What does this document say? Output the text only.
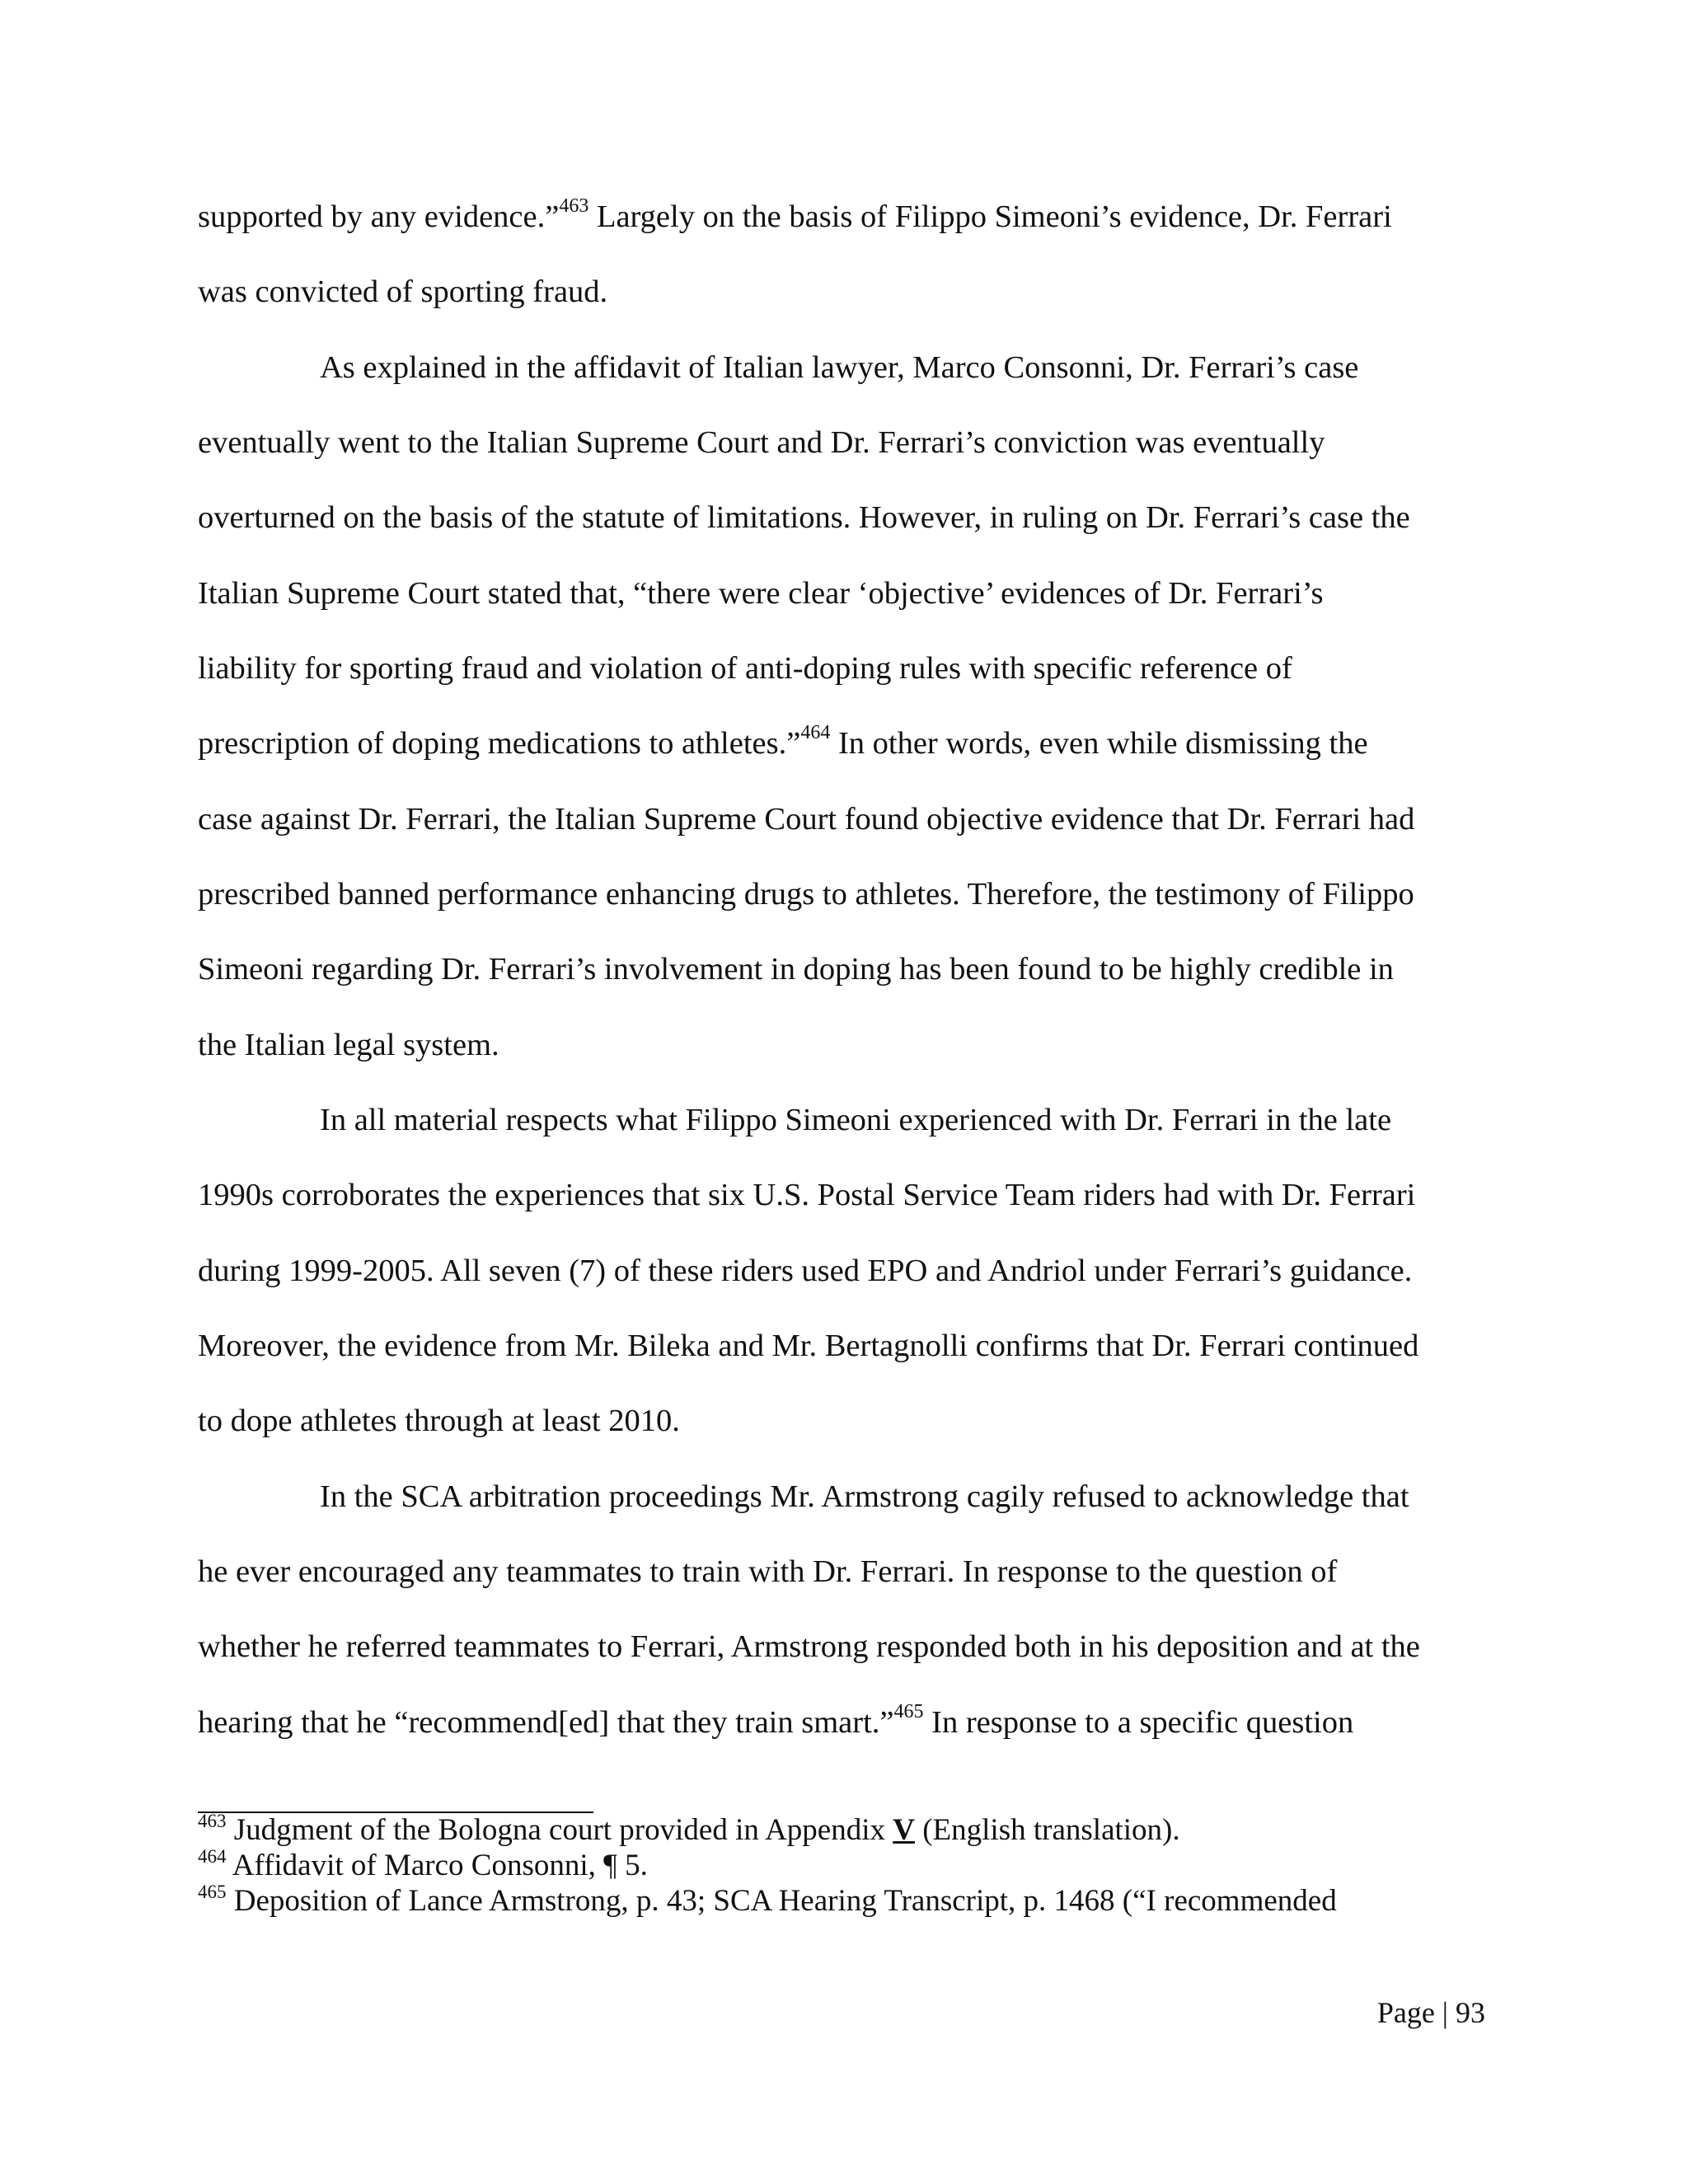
supported by any evidence.”$^{463}$ Largely on the basis of Filippo Simeoni’s evidence, Dr. Ferrari
was convicted of sporting fraud.
As explained in the affidavit of Italian lawyer, Marco Consonni, Dr. Ferrari’s case
eventually went to the Italian Supreme Court and Dr. Ferrari’s conviction was eventually
overturned on the basis of the statute of limitations. However, in ruling on Dr. Ferrari’s case the
Italian Supreme Court stated that, “there were clear ‘objective’ evidences of Dr. Ferrari’s
liability for sporting fraud and violation of anti-doping rules with specific reference of
prescription of doping medications to athletes.”$^{464}$ In other words, even while dismissing the
case against Dr. Ferrari, the Italian Supreme Court found objective evidence that Dr. Ferrari had
prescribed banned performance enhancing drugs to athletes. Therefore, the testimony of Filippo
Simeoni regarding Dr. Ferrari’s involvement in doping has been found to be highly credible in
the Italian legal system.
In all material respects what Filippo Simeoni experienced with Dr. Ferrari in the late
1990s corroborates the experiences that six U.S. Postal Service Team riders had with Dr. Ferrari
during 1999-2005. All seven (7) of these riders used EPO and Andriol under Ferrari’s guidance.
Moreover, the evidence from Mr. Bileka and Mr. Bertagnolli confirms that Dr. Ferrari continued
to dope athletes through at least 2010.
In the SCA arbitration proceedings Mr. Armstrong cagily refused to acknowledge that
he ever encouraged any teammates to train with Dr. Ferrari. In response to the question of
whether he referred teammates to Ferrari, Armstrong responded both in his deposition and at the
hearing that he “recommend[ed] that they train smart.”$^{465}$ In response to a specific question
$^{463}$ Judgment of the Bologna court provided in Appendix V (English translation).
$^{464}$ Affidavit of Marco Consonni, ¶ 5.
$^{465}$ Deposition of Lance Armstrong, p. 43; SCA Hearing Transcript, p. 1468 (“I recommended
Page | 93
